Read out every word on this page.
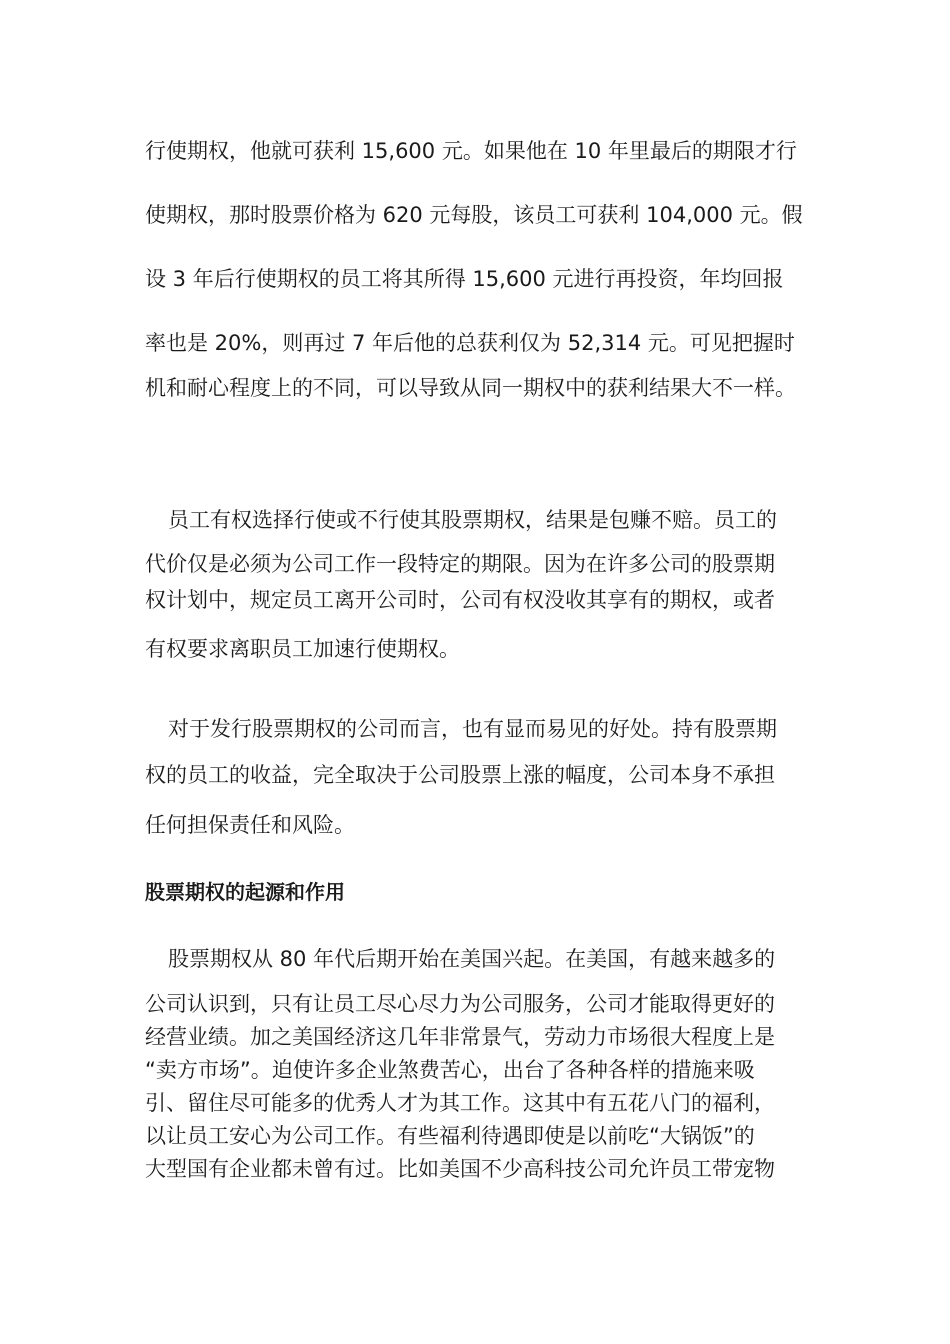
行使期权，他就可获利 15,600 元。如果他在 10 年里最后的期限才行
使期权，那时股票价格为 620 元每股，该员工可获利 104,000 元。假
设 3 年后行使期权的员工将其所得 15,600 元进行再投资，年均回报
率也是 20%，则再过 7 年后他的总获利仅为 52,314 元。可见把握时
机和耐心程度上的不同，可以导致从同一期权中的获利结果大不一样。
员工有权选择行使或不行使其股票期权，结果是包赚不赔。员工的
代价仅是必须为公司工作一段特定的期限。因为在许多公司的股票期
权计划中，规定员工离开公司时，公司有权没收其享有的期权，或者
有权要求离职员工加速行使期权。
对于发行股票期权的公司而言，也有显而易见的好处。持有股票期
权的员工的收益，完全取决于公司股票上涨的幅度，公司本身不承担
任何担保责任和风险。
股票期权的起源和作用
股票期权从 80 年代后期开始在美国兴起。在美国，有越来越多的
公司认识到，只有让员工尽心尽力为公司服务，公司才能取得更好的
经营业绩。加之美国经济这几年非常景气，劳动力市场很大程度上是
“卖方市场”。迫使许多企业煞费苦心，出台了各种各样的措施来吸
引、留住尽可能多的优秀人才为其工作。这其中有五花八门的福利，
以让员工安心为公司工作。有些福利待遇即使是以前吃“大锅饭”的
大型国有企业都未曾有过。比如美国不少高科技公司允许员工带宠物
